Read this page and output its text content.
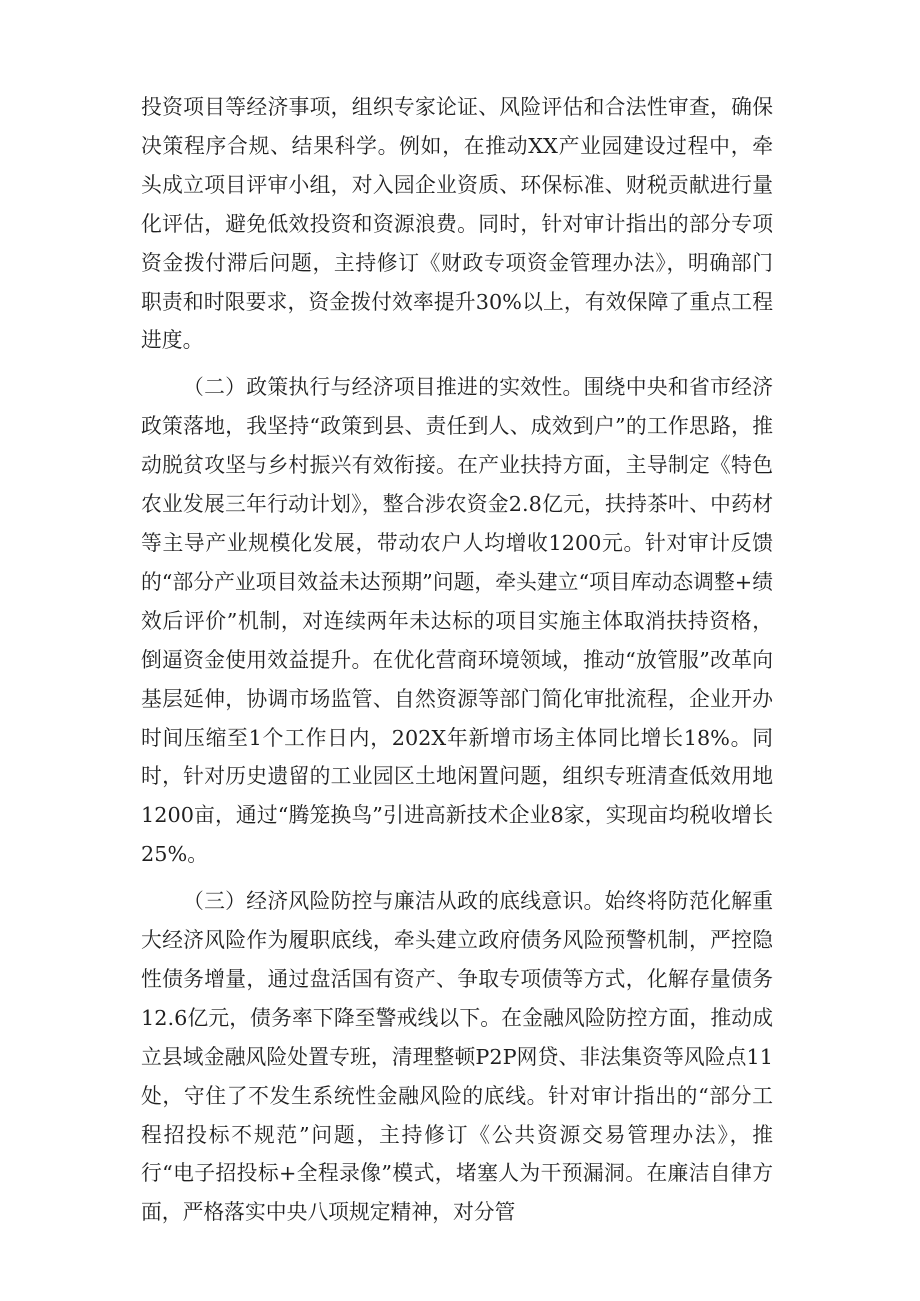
投资项目等经济事项，组织专家论证、风险评估和合法性审查，确保决策程序合规、结果科学。例如，在推动XX产业园建设过程中，牵头成立项目评审小组，对入园企业资质、环保标准、财税贡献进行量化评估，避免低效投资和资源浪费。同时，针对审计指出的部分专项资金拨付滞后问题，主持修订《财政专项资金管理办法》，明确部门职责和时限要求，资金拨付效率提升30%以上，有效保障了重点工程进度。

（二）政策执行与经济项目推进的实效性。围绕中央和省市经济政策落地，我坚持“政策到县、责任到人、成效到户”的工作思路，推动脱贫攻坚与乡村振兴有效衔接。在产业扶持方面，主导制定《特色农业发展三年行动计划》，整合涉农资金2.8亿元，扶持茶叶、中药材等主导产业规模化发展，带动农户人均增收1200元。针对审计反馈的“部分产业项目效益未达预期”问题，牵头建立“项目库动态调整+绩效后评价”机制，对连续两年未达标的项目实施主体取消扶持资格，倒逼资金使用效益提升。在优化营商环境领域，推动“放管服”改革向基层延伸，协调市场监管、自然资源等部门简化审批流程，企业开办时间压缩至1个工作日内，202X年新增市场主体同比增长18%。同时，针对历史遗留的工业园区土地闲置问题，组织专班清查低效用地1200亩，通过“腾笼换鸟”引进高新技术企业8家，实现亩均税收增长25%。

（三）经济风险防控与廉洁从政的底线意识。始终将防范化解重大经济风险作为履职底线，牵头建立政府债务风险预警机制，严控隐性债务增量，通过盘活国有资产、争取专项债等方式，化解存量债务12.6亿元，债务率下降至警戒线以下。在金融风险防控方面，推动成立县域金融风险处置专班，清理整顿P2P网贷、非法集资等风险点11处，守住了不发生系统性金融风险的底线。针对审计指出的“部分工程招投标不规范”问题，主持修订《公共资源交易管理办法》，推行“电子招投标+全程录像”模式，堵塞人为干预漏洞。在廉洁自律方面，严格落实中央八项规定精神，对分管
